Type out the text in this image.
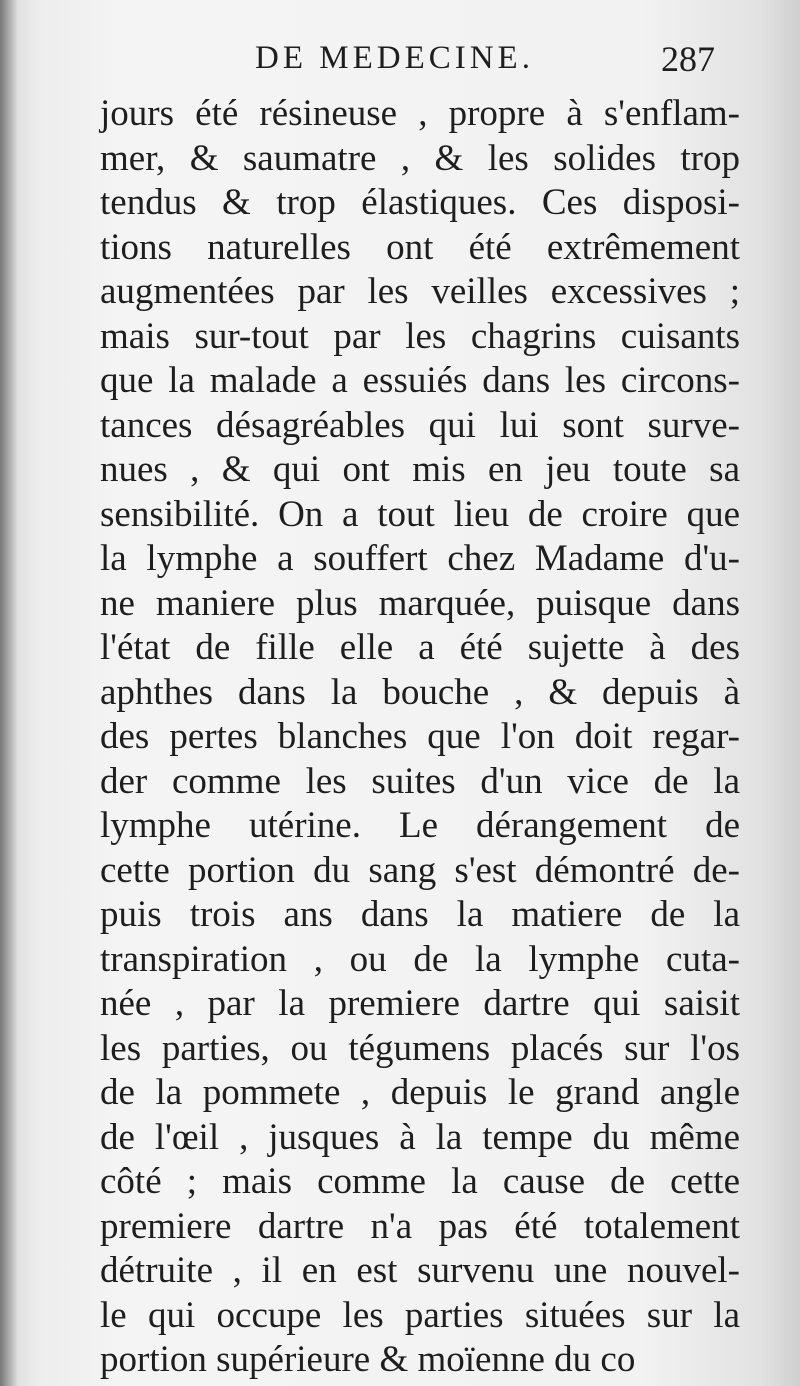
DE MEDECINE.	287
jours été résineuse , propre à s'enflam-
mer, & saumatre , & les solides trop
tendus & trop élastiques. Ces disposi-
tions naturelles ont été extrêmement
augmentées par les veilles excessives ;
mais sur-tout par les chagrins cuisants
que la malade a essuiés dans les circons-
tances désagréables qui lui sont surve-
nues , & qui ont mis en jeu toute sa
sensibilité. On a tout lieu de croire que
la lymphe a souffert chez Madame d'u-
ne maniere plus marquée, puisque dans
l'état de fille elle a été sujette à des
aphthes dans la bouche , & depuis à
des pertes blanches que l'on doit regar-
der comme les suites d'un vice de la
lymphe utérine. Le dérangement de
cette portion du sang s'est démontré de-
puis trois ans dans la matiere de la
transpiration , ou de la lymphe cuta-
née , par la premiere dartre qui saisit
les parties, ou tégumens placés sur l'os
de la pommete , depuis le grand angle
de l'œil , jusques à la tempe du même
côté ; mais comme la cause de cette
premiere dartre n'a pas été totalement
détruite , il en est survenu une nouvel-
le qui occupe les parties situées sur la
portion supérieure & moïenne du co
